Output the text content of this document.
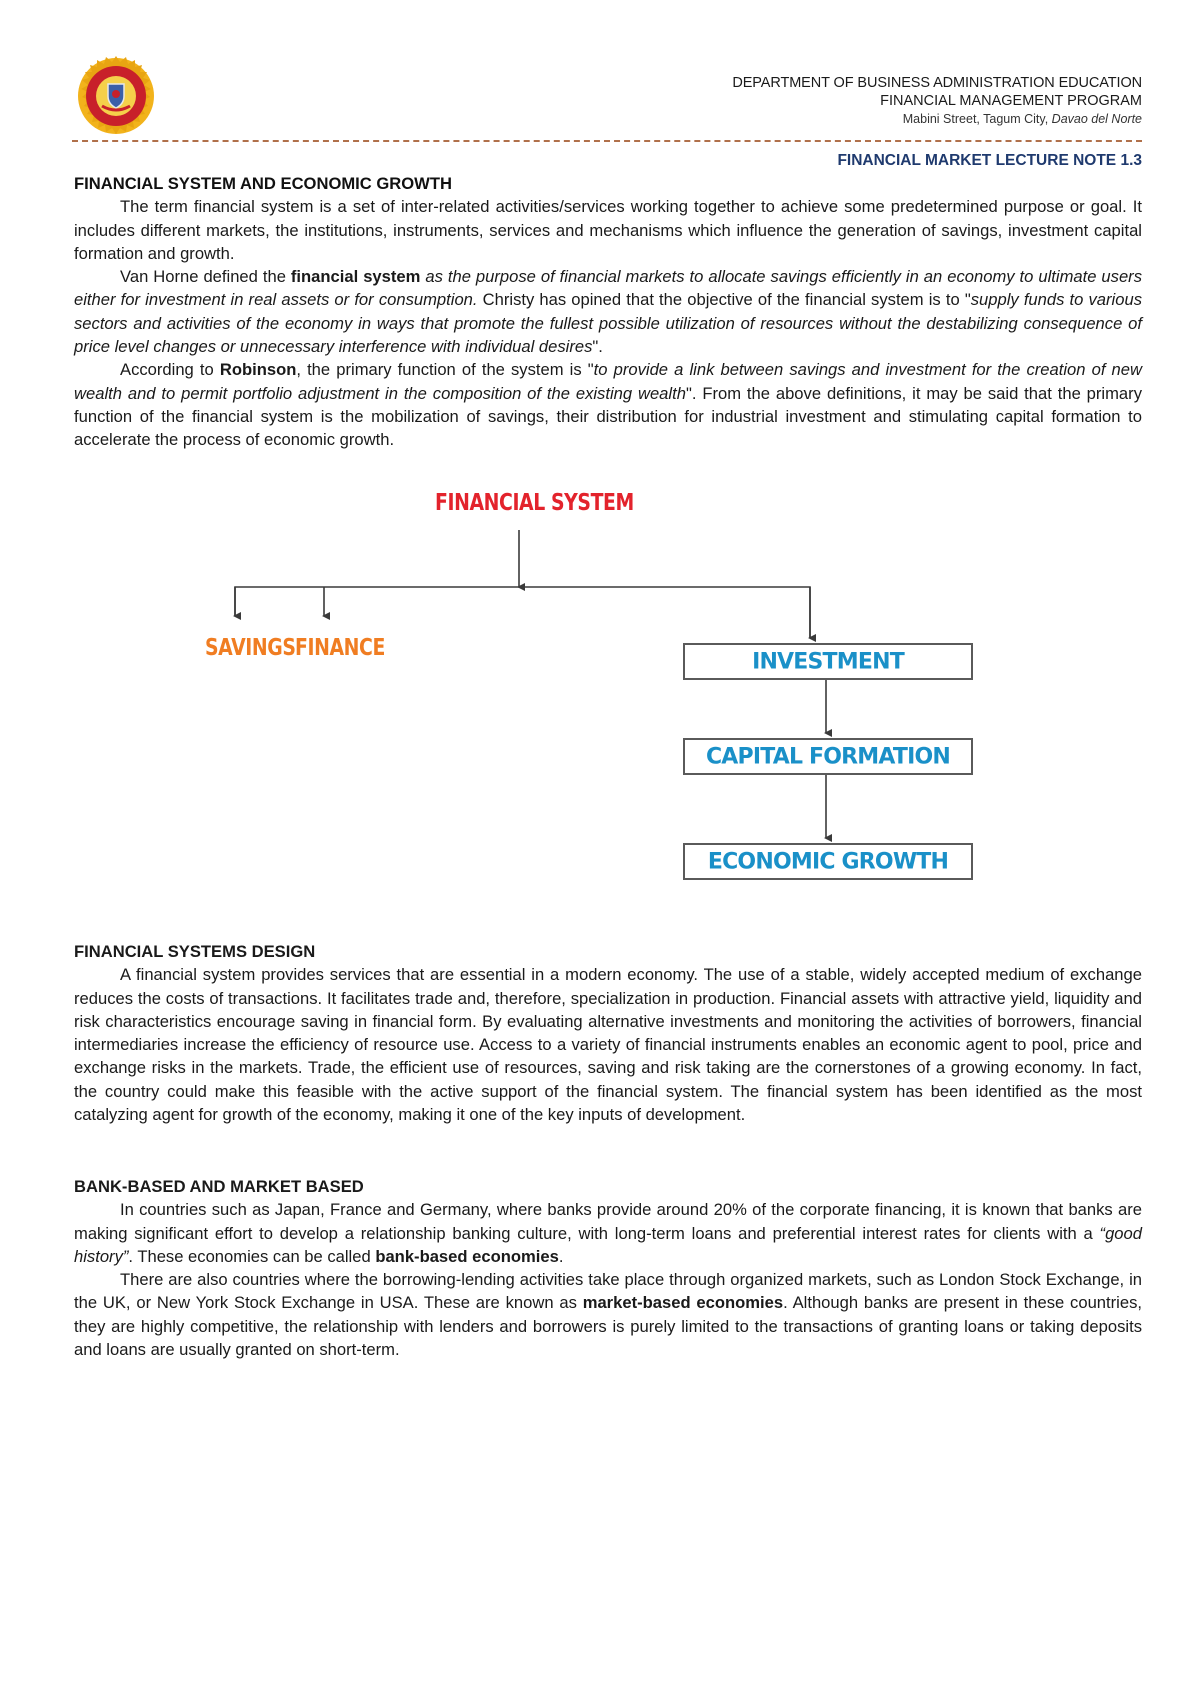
DEPARTMENT OF BUSINESS ADMINISTRATION EDUCATION
FINANCIAL MANAGEMENT PROGRAM
Mabini Street, Tagum City, Davao del Norte
FINANCIAL MARKET LECTURE NOTE 1.3
FINANCIAL SYSTEM AND ECONOMIC GROWTH

The term financial system is a set of inter-related activities/services working together to achieve some predetermined purpose or goal. It includes different markets, the institutions, instruments, services and mechanisms which influence the generation of savings, investment capital formation and growth.

Van Horne defined the financial system as the purpose of financial markets to allocate savings efficiently in an economy to ultimate users either for investment in real assets or for consumption. Christy has opined that the objective of the financial system is to "supply funds to various sectors and activities of the economy in ways that promote the fullest possible utilization of resources without the destabilizing consequence of price level changes or unnecessary interference with individual desires".

According to Robinson, the primary function of the system is "to provide a link between savings and investment for the creation of new wealth and to permit portfolio adjustment in the composition of the existing wealth". From the above definitions, it may be said that the primary function of the financial system is the mobilization of savings, their distribution for industrial investment and stimulating capital formation to accelerate the process of economic growth.

FINANCIAL SYSTEM
SAVINGS FINANCE
INVESTMENT
CAPITAL FORMATION
ECONOMIC GROWTH
FINANCIAL SYSTEMS DESIGN

A financial system provides services that are essential in a modern economy. The use of a stable, widely accepted medium of exchange reduces the costs of transactions. It facilitates trade and, therefore, specialization in production. Financial assets with attractive yield, liquidity and risk characteristics encourage saving in financial form. By evaluating alternative investments and monitoring the activities of borrowers, financial intermediaries increase the efficiency of resource use. Access to a variety of financial instruments enables an economic agent to pool, price and exchange risks in the markets. Trade, the efficient use of resources, saving and risk taking are the cornerstones of a growing economy. In fact, the country could make this feasible with the active support of the financial system. The financial system has been identified as the most catalyzing agent for growth of the economy, making it one of the key inputs of development.

BANK-BASED AND MARKET BASED

In countries such as Japan, France and Germany, where banks provide around 20% of the corporate financing, it is known that banks are making significant effort to develop a relationship banking culture, with long-term loans and preferential interest rates for clients with a “good history”. These economies can be called bank-based economies.

There are also countries where the borrowing-lending activities take place through organized markets, such as London Stock Exchange, in the UK, or New York Stock Exchange in USA. These are known as market-based economies. Although banks are present in these countries, they are highly competitive, the relationship with lenders and borrowers is purely limited to the transactions of granting loans or taking deposits and loans are usually granted on short-term.
